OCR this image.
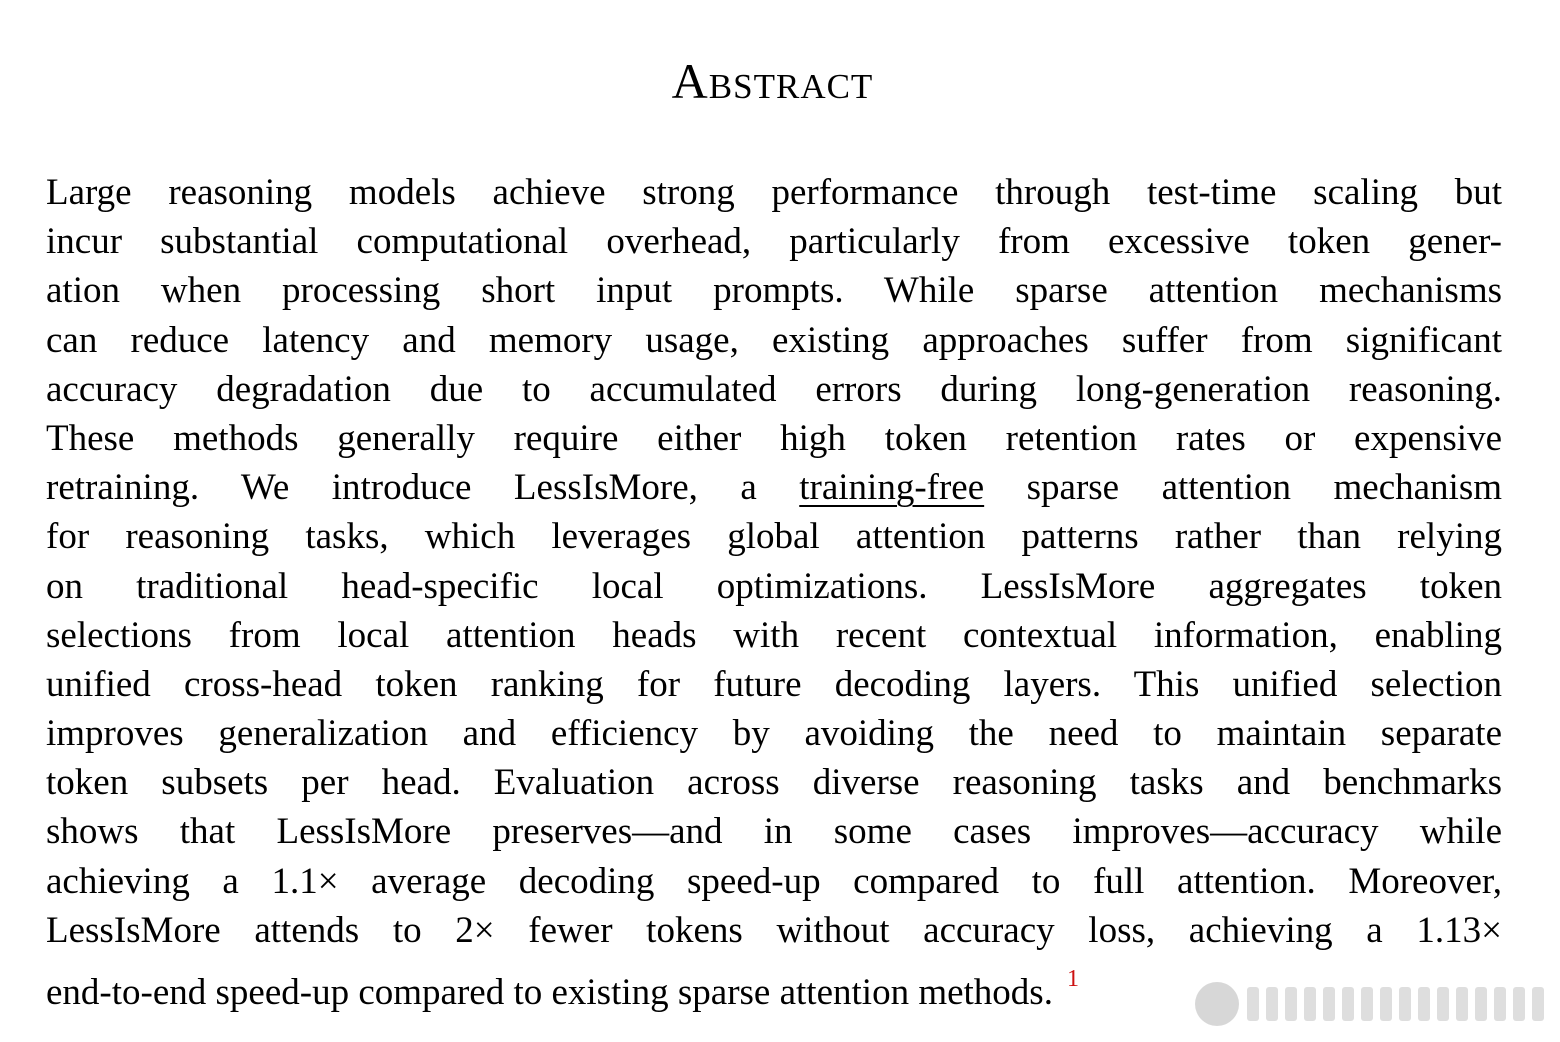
Abstract
Large reasoning models achieve strong performance through test-time scaling but
incur substantial computational overhead, particularly from excessive token gener-
ation when processing short input prompts. While sparse attention mechanisms
can reduce latency and memory usage, existing approaches suffer from significant
accuracy degradation due to accumulated errors during long-generation reasoning.
These methods generally require either high token retention rates or expensive
retraining. We introduce LessIsMore, a training-free sparse attention mechanism
for reasoning tasks, which leverages global attention patterns rather than relying
on traditional head-specific local optimizations. LessIsMore aggregates token
selections from local attention heads with recent contextual information, enabling
unified cross-head token ranking for future decoding layers. This unified selection
improves generalization and efficiency by avoiding the need to maintain separate
token subsets per head. Evaluation across diverse reasoning tasks and benchmarks
shows that LessIsMore preserves—and in some cases improves—accuracy while
achieving a 1.1× average decoding speed-up compared to full attention. Moreover,
LessIsMore attends to 2× fewer tokens without accuracy loss, achieving a 1.13×
end-to-end speed-up compared to existing sparse attention methods. $^1$
